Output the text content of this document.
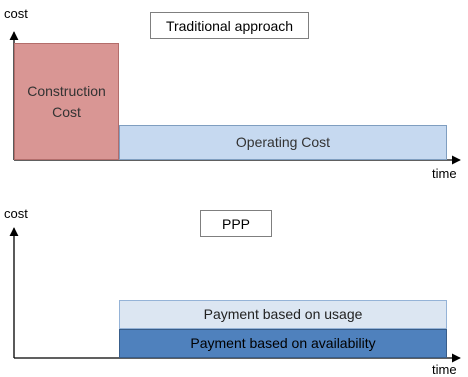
cost
time
Traditional approach
Construction
Cost
Operating Cost
cost
time
PPP
Payment based on usage
Payment based on availability
